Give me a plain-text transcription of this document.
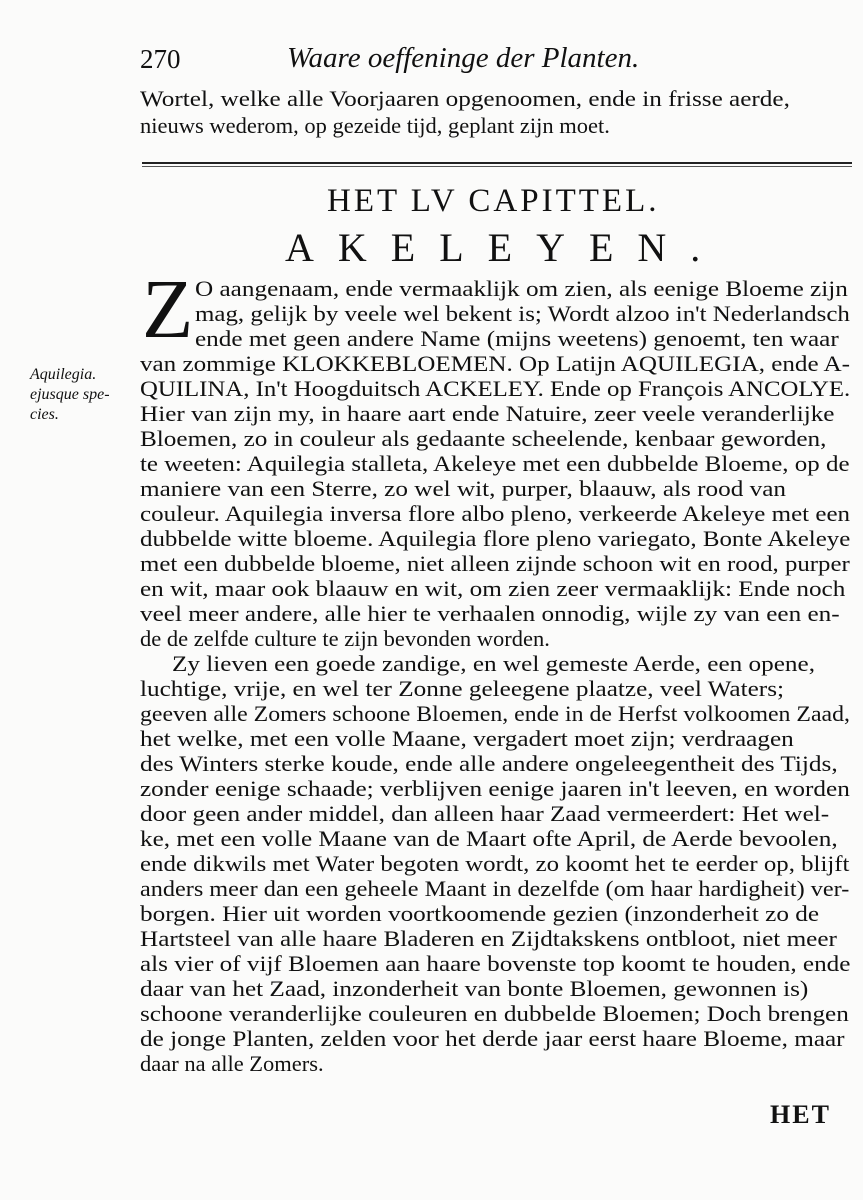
270	Waare oeffeninge der Planten.
Wortel, welke alle Voorjaaren opgenoomen, ende in frisse aerde,
nieuws wederom, op gezeide tijd, geplant zijn moet.
HET LV CAPITTEL.
AKELEYEN.
Aquilegia.
ejusque spe-
cies.
Z O aangenaam, ende vermaaklijk om zien, als eenige Bloeme zijn
mag, gelijk by veele wel bekent is; Wordt alzoo in't Nederlandsch
ende met geen andere Name (mijns weetens) genoemt, ten waar
van zommige KLOKKEBLOEMEN. Op Latijn AQUILEGIA, ende A-
QUILINA, In't Hoogduitsch ACKELEY. Ende op François ANCOLYE.
Hier van zijn my, in haare aart ende Natuire, zeer veele veranderlijke
Bloemen, zo in couleur als gedaante scheelende, kenbaar geworden,
te weeten: Aquilegia stalleta, Akeleye met een dubbelde Bloeme, op de
maniere van een Sterre, zo wel wit, purper, blaauw, als rood van
couleur. Aquilegia inversa flore albo pleno, verkeerde Akeleye met een
dubbelde witte bloeme. Aquilegia flore pleno variegato, Bonte Akeleye
met een dubbelde bloeme, niet alleen zijnde schoon wit en rood, purper
en wit, maar ook blaauw en wit, om zien zeer vermaaklijk: Ende noch
veel meer andere, alle hier te verhaalen onnodig, wijle zy van een en-
de de zelfde culture te zijn bevonden worden.
Zy lieven een goede zandige, en wel gemeste Aerde, een opene,
luchtige, vrije, en wel ter Zonne geleegene plaatze, veel Waters;
geeven alle Zomers schoone Bloemen, ende in de Herfst volkoomen Zaad,
het welke, met een volle Maane, vergadert moet zijn; verdraagen
des Winters sterke koude, ende alle andere ongeleegentheit des Tijds,
zonder eenige schaade; verblijven eenige jaaren in't leeven, en worden
door geen ander middel, dan alleen haar Zaad vermeerdert: Het wel-
ke, met een volle Maane van de Maart ofte April, de Aerde bevoolen,
ende dikwils met Water begoten wordt, zo koomt het te eerder op, blijft
anders meer dan een geheele Maant in dezelfde (om haar hardigheit) ver-
borgen. Hier uit worden voortkoomende gezien (inzonderheit zo de
Hartsteel van alle haare Bladeren en Zijdtakskens ontbloot, niet meer
als vier of vijf Bloemen aan haare bovenste top koomt te houden, ende
daar van het Zaad, inzonderheit van bonte Bloemen, gewonnen is)
schoone veranderlijke couleuren en dubbelde Bloemen; Doch brengen
de jonge Planten, zelden voor het derde jaar eerst haare Bloeme, maar
daar na alle Zomers.
HET
